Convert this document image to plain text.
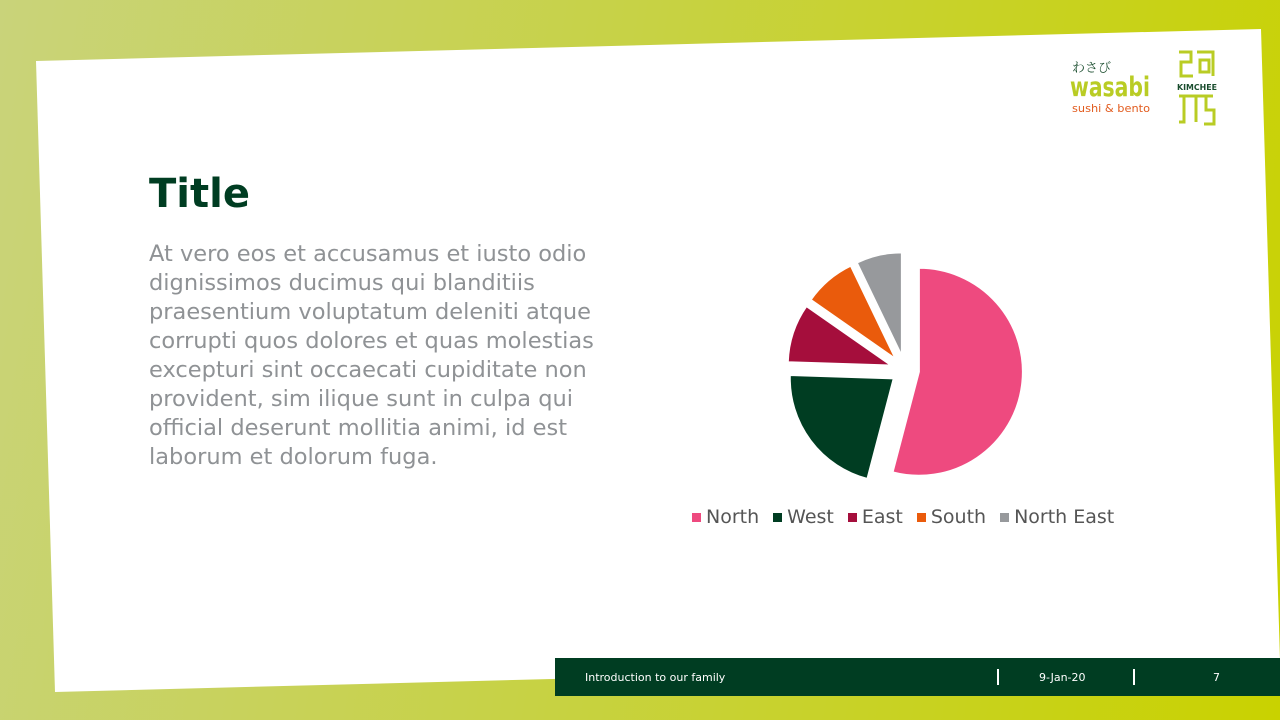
わさび
wasabi
sushi & bento
KIMCHEE
Title

At vero eos et accusamus et iusto odio dignissimos ducimus qui blanditiis praesentium voluptatum deleniti atque corrupti quos dolores et quas molestias excepturi sint occaecati cupiditate non provident, sim ilique sunt in culpa qui official deserunt mollitia animi, id est laborum et dolorum fuga.

North West East South North East
Introduction to our family	9-Jan-20	7
